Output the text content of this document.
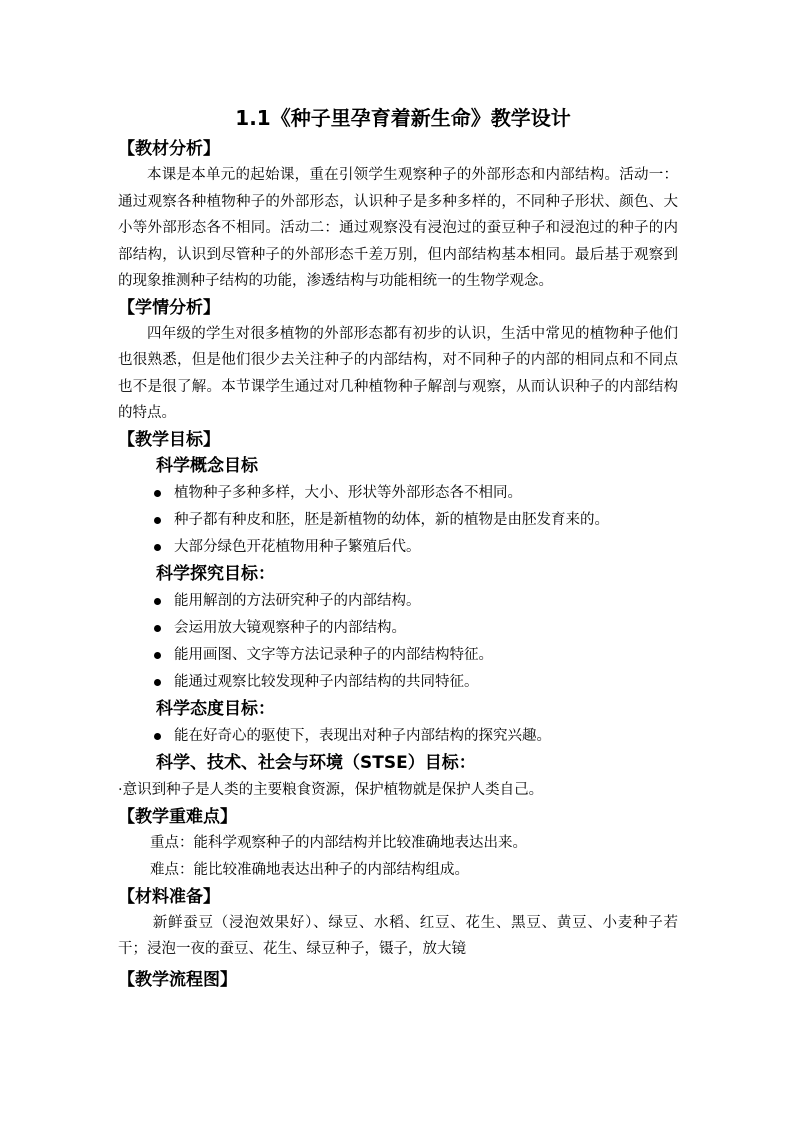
1.1《种子里孕育着新生命》教学设计
【教材分析】

本课是本单元的起始课，重在引领学生观察种子的外部形态和内部结构。活动一：通过观察各种植物种子的外部形态，认识种子是多种多样的，不同种子形状、颜色、大小等外部形态各不相同。活动二：通过观察没有浸泡过的蚕豆种子和浸泡过的种子的内部结构，认识到尽管种子的外部形态千差万别，但内部结构基本相同。最后基于观察到的现象推测种子结构的功能，渗透结构与功能相统一的生物学观念。

【学情分析】

四年级的学生对很多植物的外部形态都有初步的认识，生活中常见的植物种子他们也很熟悉，但是他们很少去关注种子的内部结构，对不同种子的内部的相同点和不同点也不是很了解。本节课学生通过对几种植物种子解剖与观察，从而认识种子的内部结构的特点。

【教学目标】
科学概念目标
植物种子多种多样，大小、形状等外部形态各不相同。
种子都有种皮和胚，胚是新植物的幼体，新的植物是由胚发育来的。
大部分绿色开花植物用种子繁殖后代。
科学探究目标：
能用解剖的方法研究种子的内部结构。
会运用放大镜观察种子的内部结构。
能用画图、文字等方法记录种子的内部结构特征。
能通过观察比较发现种子内部结构的共同特征。
科学态度目标：
能在好奇心的驱使下，表现出对种子内部结构的探究兴趣。
科学、技术、社会与环境（STSE）目标：

·意识到种子是人类的主要粮食资源，保护植物就是保护人类自己。

【教学重难点】

重点：能科学观察种子的内部结构并比较准确地表达出来。

难点：能比较准确地表达出种子的内部结构组成。

【材料准备】

新鲜蚕豆（浸泡效果好）、绿豆、水稻、红豆、花生、黑豆、黄豆、小麦种子若干；浸泡一夜的蚕豆、花生、绿豆种子，镊子，放大镜

【教学流程图】
